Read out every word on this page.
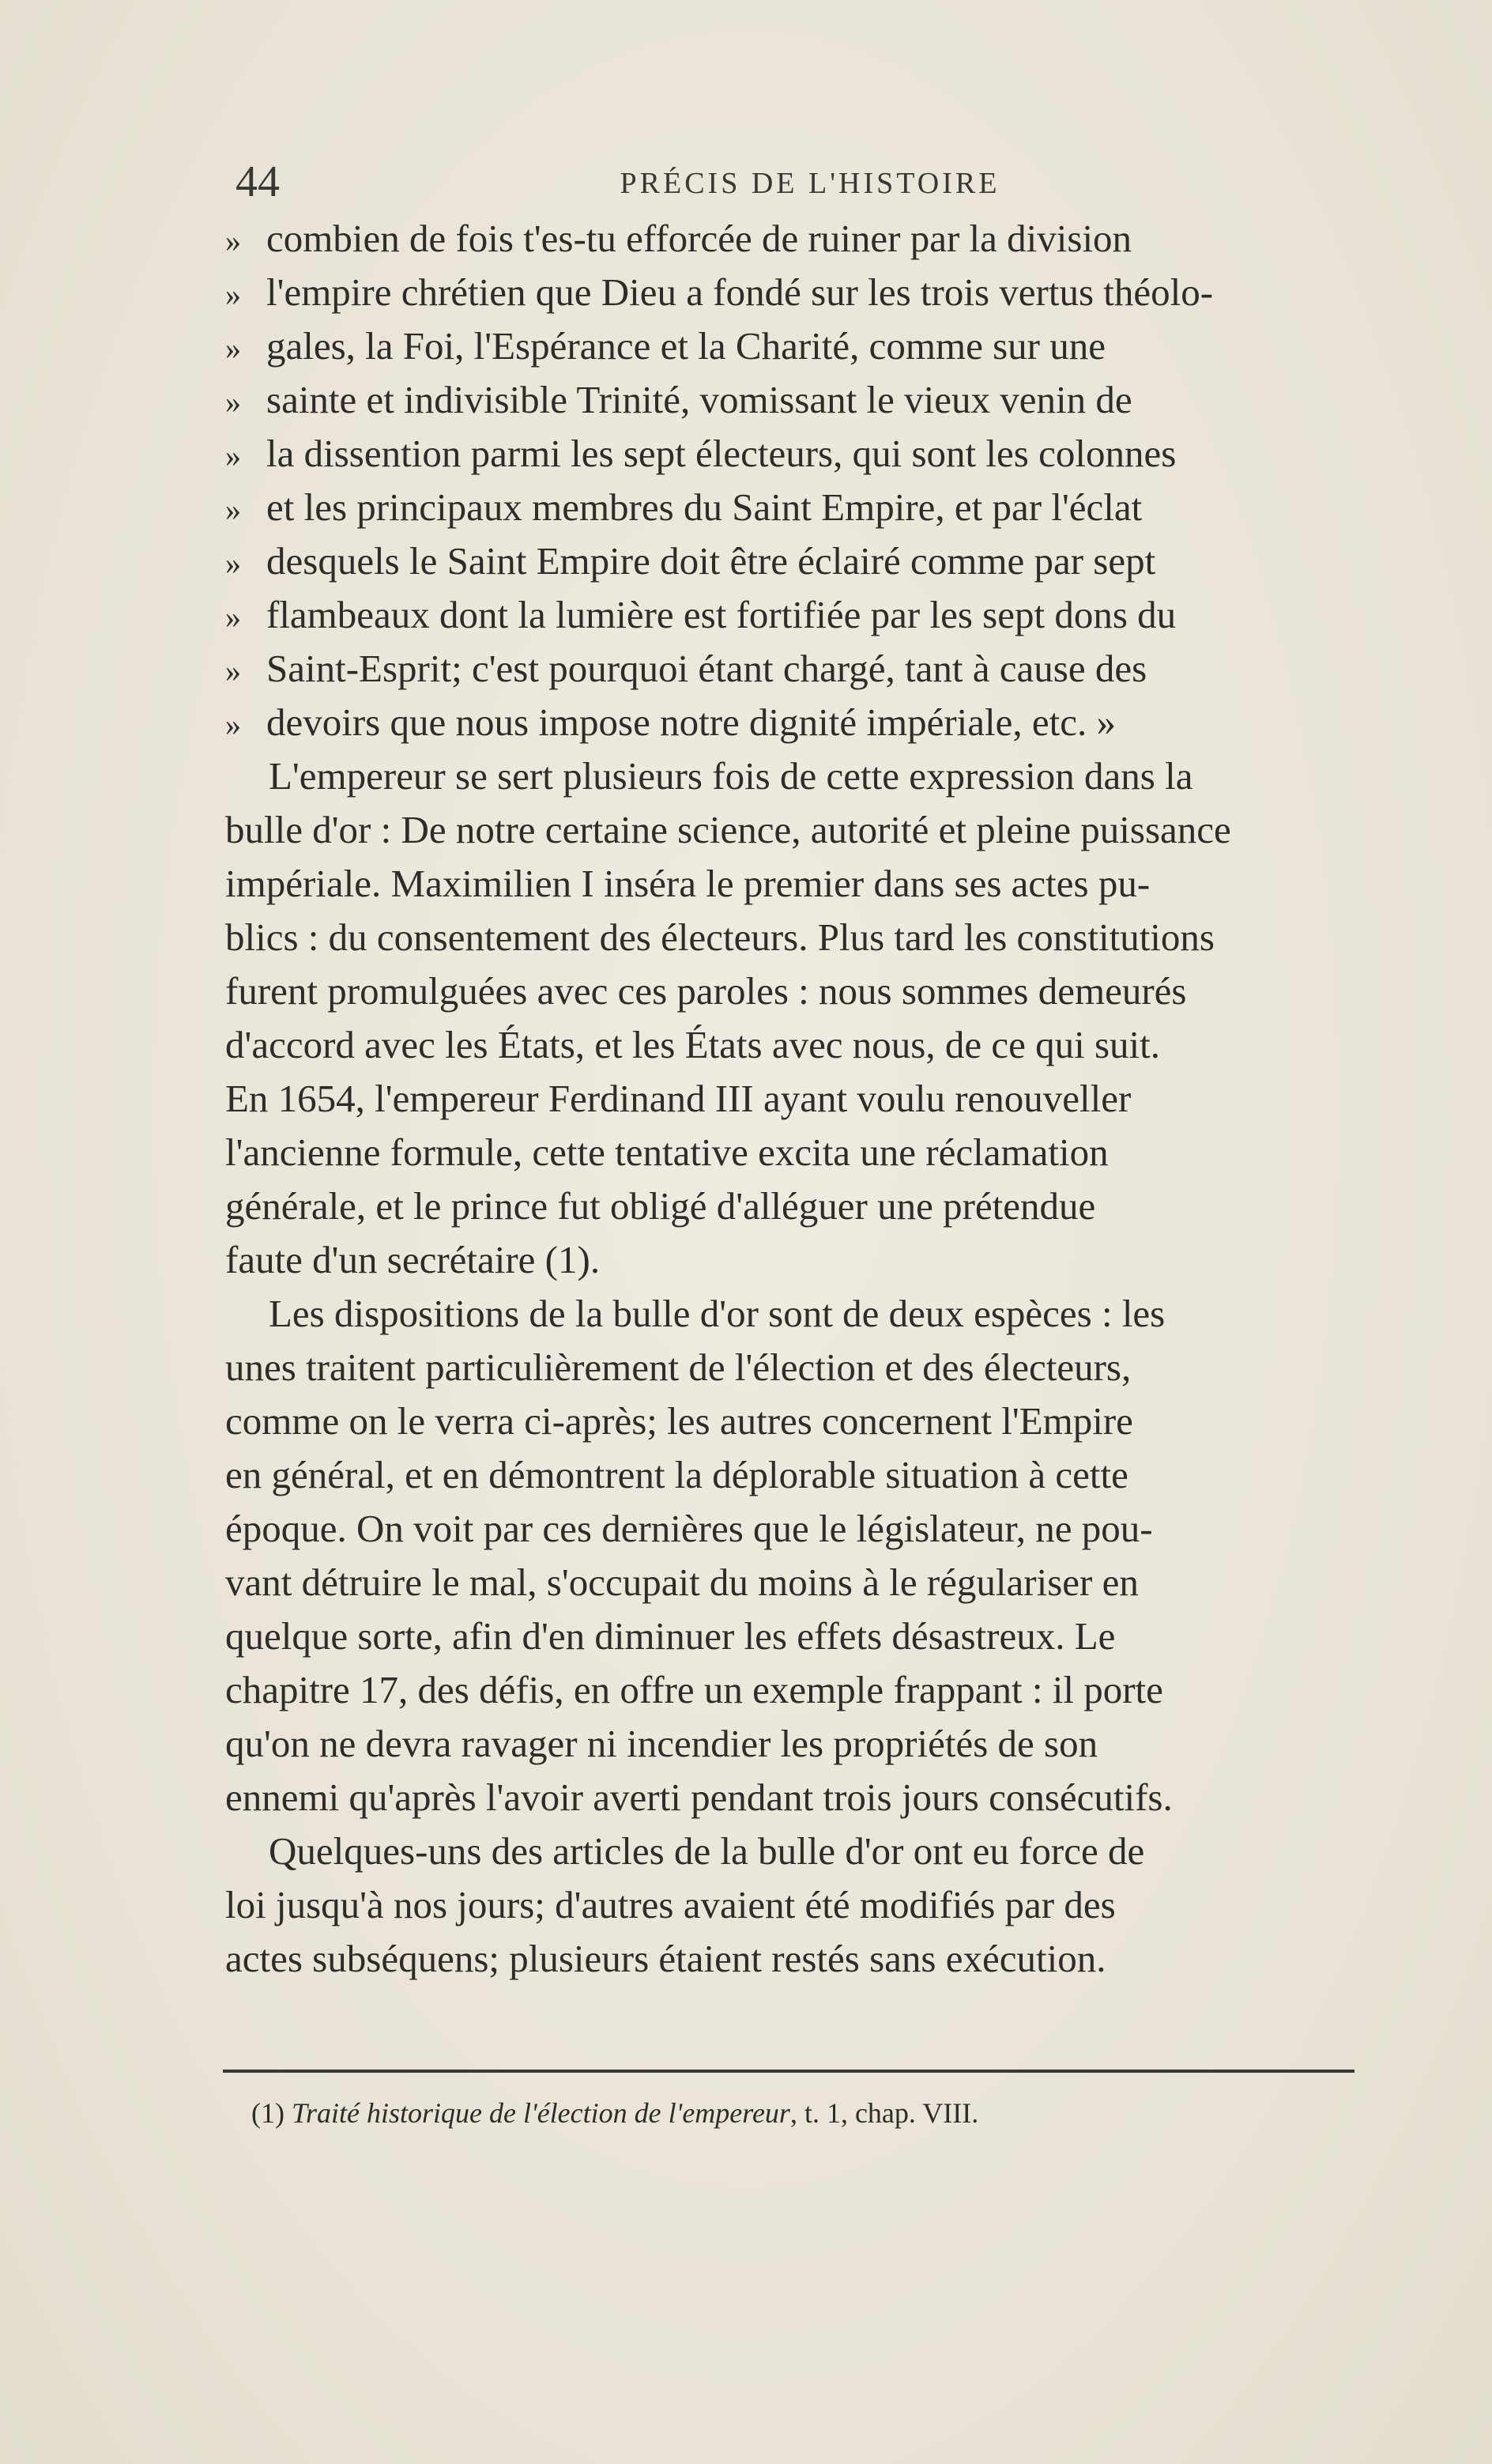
44	PRÉCIS DE L'HISTOIRE
» combien de fois t'es-tu efforcée de ruiner par la division
» l'empire chrétien que Dieu a fondé sur les trois vertus théolo-
» gales, la Foi, l'Espérance et la Charité, comme sur une
» sainte et indivisible Trinité, vomissant le vieux venin de
» la dissention parmi les sept électeurs, qui sont les colonnes
» et les principaux membres du Saint Empire, et par l'éclat
» desquels le Saint Empire doit être éclairé comme par sept
» flambeaux dont la lumière est fortifiée par les sept dons du
» Saint-Esprit; c'est pourquoi étant chargé, tant à cause des
» devoirs que nous impose notre dignité impériale, etc. »
L'empereur se sert plusieurs fois de cette expression dans la
bulle d'or : De notre certaine science, autorité et pleine puissance
impériale. Maximilien I inséra le premier dans ses actes pu-
blics : du consentement des électeurs. Plus tard les constitutions
furent promulguées avec ces paroles : nous sommes demeurés
d'accord avec les États, et les États avec nous, de ce qui suit.
En 1654, l'empereur Ferdinand III ayant voulu renouveller
l'ancienne formule, cette tentative excita une réclamation
générale, et le prince fut obligé d'alléguer une prétendue
faute d'un secrétaire (1).
Les dispositions de la bulle d'or sont de deux espèces : les
unes traitent particulièrement de l'élection et des électeurs,
comme on le verra ci-après; les autres concernent l'Empire
en général, et en démontrent la déplorable situation à cette
époque. On voit par ces dernières que le législateur, ne pou-
vant détruire le mal, s'occupait du moins à le régulariser en
quelque sorte, afin d'en diminuer les effets désastreux. Le
chapitre 17, des défis, en offre un exemple frappant : il porte
qu'on ne devra ravager ni incendier les propriétés de son
ennemi qu'après l'avoir averti pendant trois jours consécutifs.
Quelques-uns des articles de la bulle d'or ont eu force de
loi jusqu'à nos jours; d'autres avaient été modifiés par des
actes subséquens; plusieurs étaient restés sans exécution.
(1) Traité historique de l'élection de l'empereur, t. 1, chap. VIII.
